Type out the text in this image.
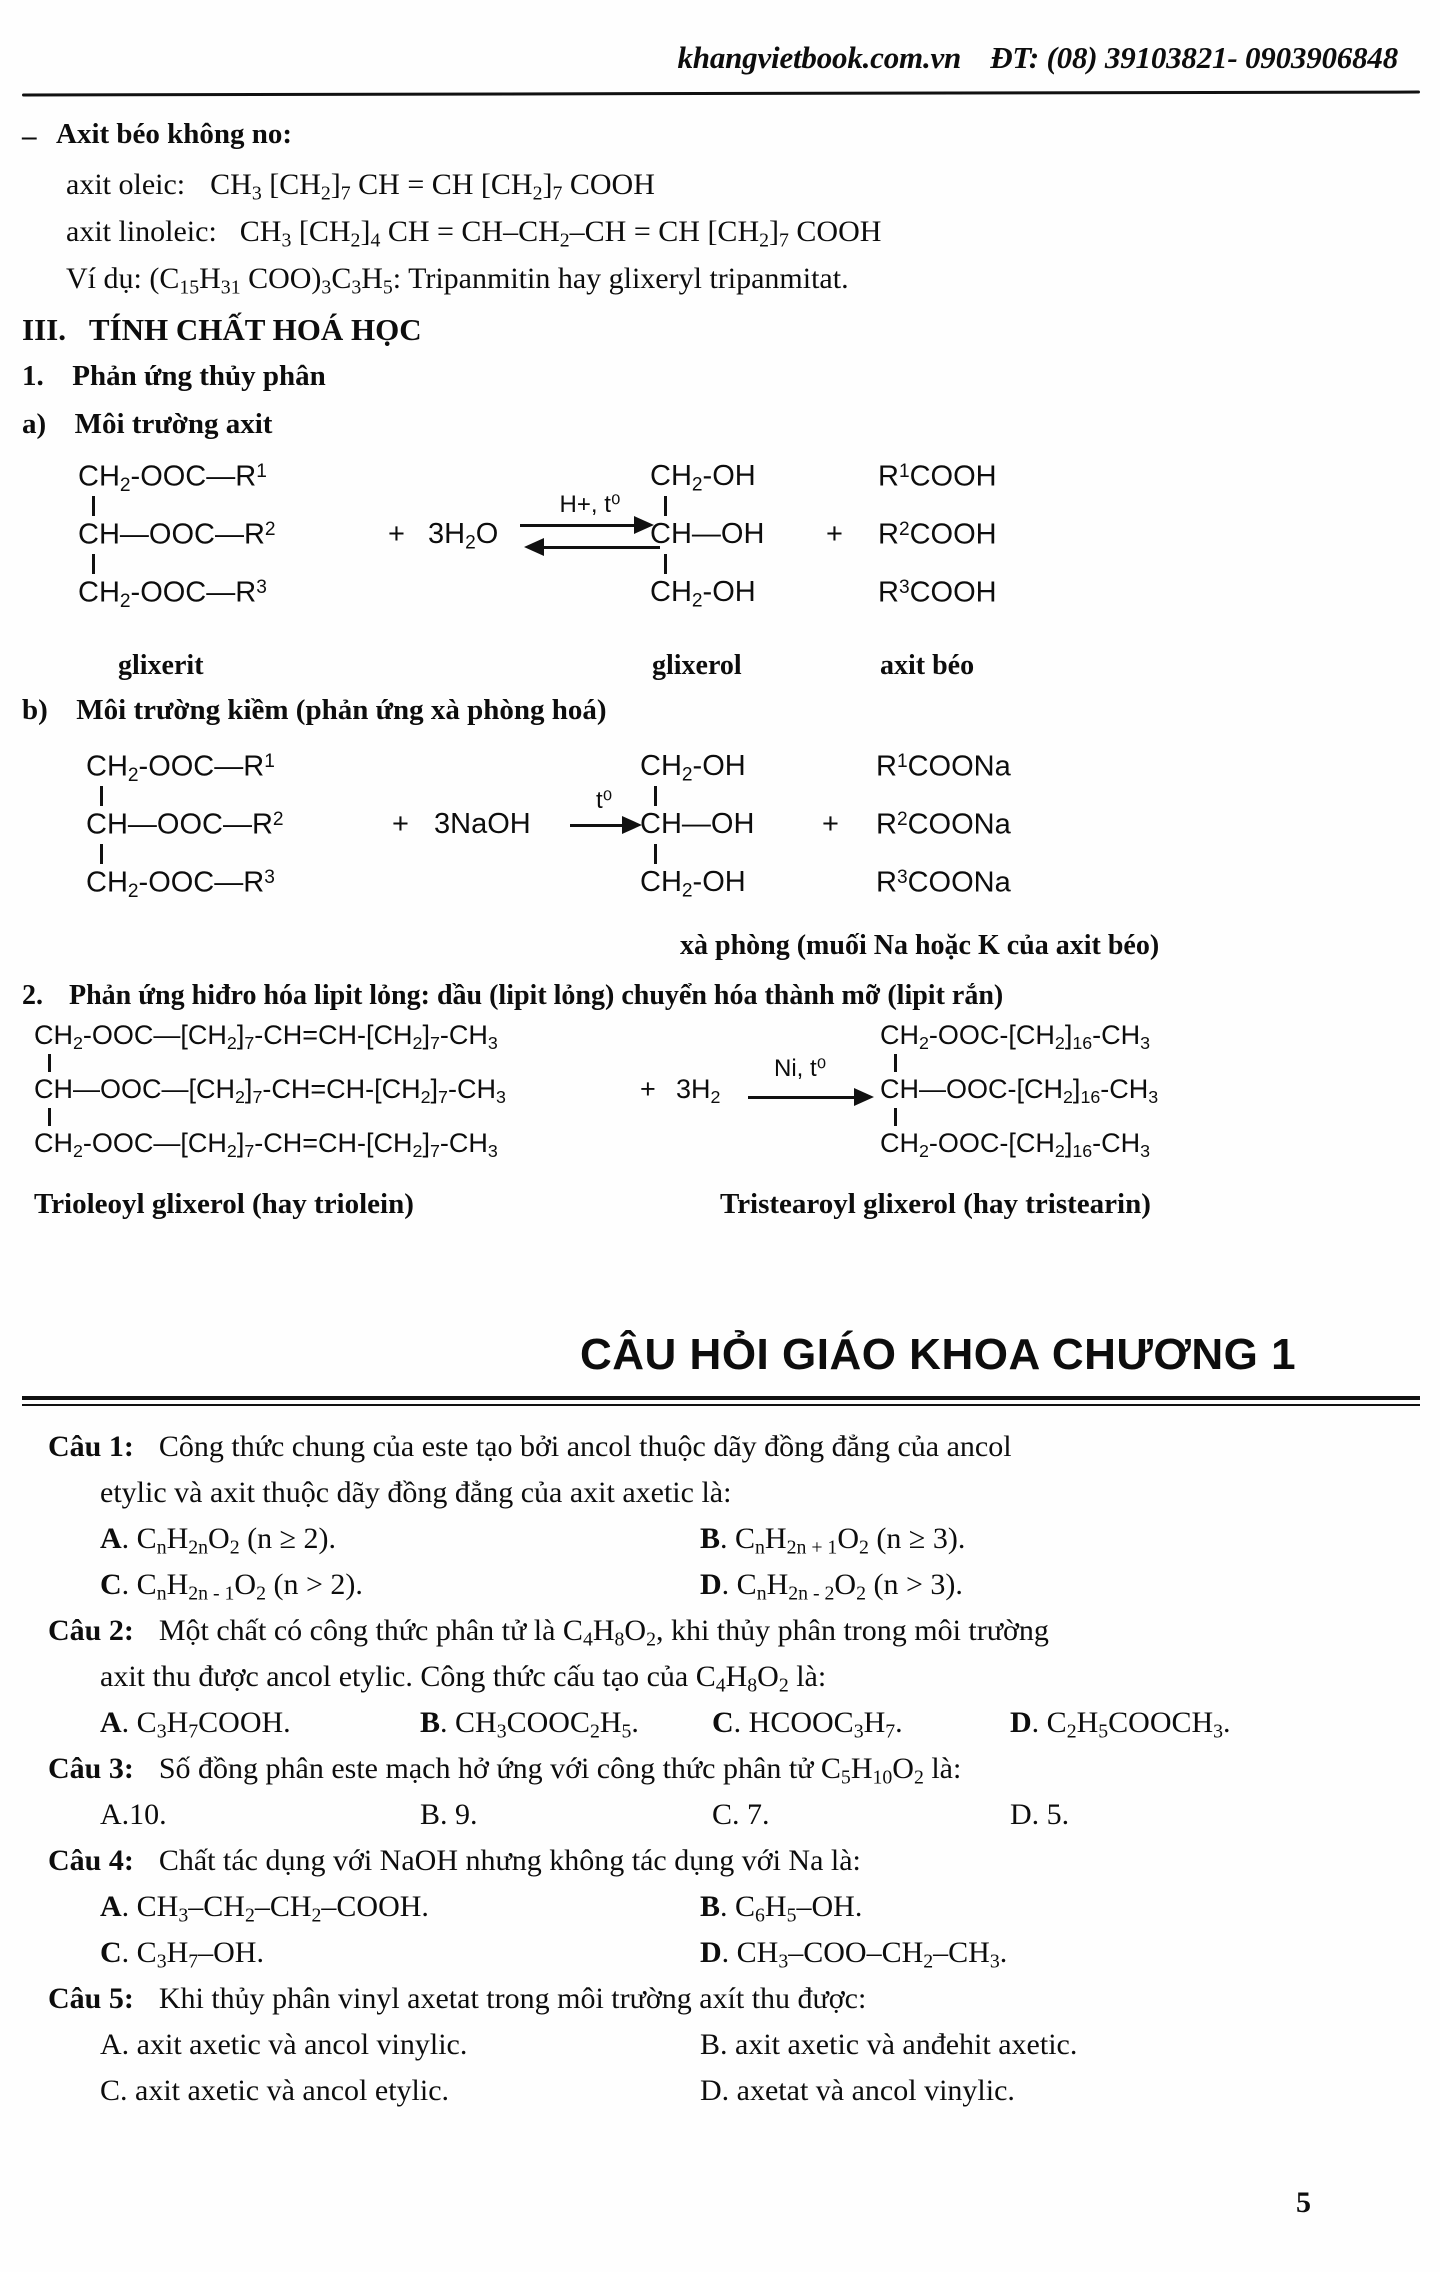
khangvietbook.com.vn ĐT: (08) 39103821- 0903906848
– Axit béo không no:
axit oleic: $CH_3$ $[CH_2]_7$ CH = CH $[CH_2]_7$ COOH
axit linoleic: $CH_3$ $[CH_2]_4$ CH = $CH-CH_2-CH$ = CH $[CH_2]_7$ COOH
Ví dụ: ($C_{15}H_{31}$ $COO)_3C_3H_5$: Tripanmitin hay glixeryl tripanmitat.
III. TÍNH CHẤT HOÁ HỌC
1. Phản ứng thủy phân
a) Môi trường axit
$CH_2-OOC—R^1$
$CH—OOC—R^2$
$CH_2-OOC—R^3$
+ $3H_2O$
H+, t⁰
$CH_2-OH$
CH—OH
$CH_2-OH$
+
$R^1COOH$
$R^2COOH$
$R^3COOH$
glixerit	glixerol	axit béo
b) Môi trường kiềm (phản ứng xà phòng hoá)
$CH_2-OOC—R^1$
$CH—OOC—R^2$
$CH_2-OOC—R^3$
+ 3NaOH
t⁰
$CH_2-OH$
CH—OH
$CH_2-OH$
+
$R^1COONa$
$R^2COONa$
$R^3COONa$
xà phòng (muối Na hoặc K của axit béo)
2. Phản ứng hiđro hóa lipit lỏng: dầu (lipit lỏng) chuyển hóa thành mỡ (lipit rắn)
$CH_2-OOC—[CH_2]_7-CH=CH-[CH_2]_7-CH_3$
$CH—OOC—[CH_2]_7-CH=CH-[CH_2]_7-CH_3$
$CH_2-OOC—[CH_2]_7-CH=CH-[CH_2]_7-CH_3$
+ $3H_2$
Ni, t⁰
$CH_2-OOC-[CH_2]_{16}-CH_3$
$CH—OOC-[CH_2]_{16}-CH_3$
$CH_2-OOC-[CH_2]_{16}-CH_3$
Trioleoyl glixerol (hay triolein)	Tristearoyl glixerol (hay tristearin)
CÂU HỎI GIÁO KHOA CHƯƠNG 1
Câu 1: Công thức chung của este tạo bởi ancol thuộc dãy đồng đẳng của ancol
etylic và axit thuộc dãy đồng đẳng của axit axetic là:
A. $C_nH_{2n}O_2$ (n ≥ 2).	B. $C_nH_{2n + 1}O_2$ (n ≥ 3).
C. $C_nH_{2n - 1}O_2$ (n > 2).	D. $C_nH_{2n - 2}O_2$ (n > 3).
Câu 2: Một chất có công thức phân tử là $C_4H_8O_2$, khi thủy phân trong môi trường
axit thu được ancol etylic. Công thức cấu tạo của $C_4H_8O_2$ là:
A. $C_3H_7COOH$.	B. $CH_3COOC_2H_5$. C. $HCOOC_3H_7$.	D. $C_2H_5COOCH_3$.
Câu 3: Số đồng phân este mạch hở ứng với công thức phân tử $C_5H_{10}O_2$ là:
A.10.	B. 9.	C. 7.	D. 5.
Câu 4: Chất tác dụng với NaOH nhưng không tác dụng với Na là:
A. $CH_3-CH_2-CH_2$–COOH.	B. $C_6H_5-OH$.
C. $C_3H_7-OH$.	D. $CH_3-COO-CH_2-CH_3$.
Câu 5: Khi thủy phân vinyl axetat trong môi trường axít thu được:
A. axit axetic và ancol vinylic.	B. axit axetic và anđehit axetic.
C. axit axetic và ancol etylic.	D. axetat và ancol vinylic.
5
